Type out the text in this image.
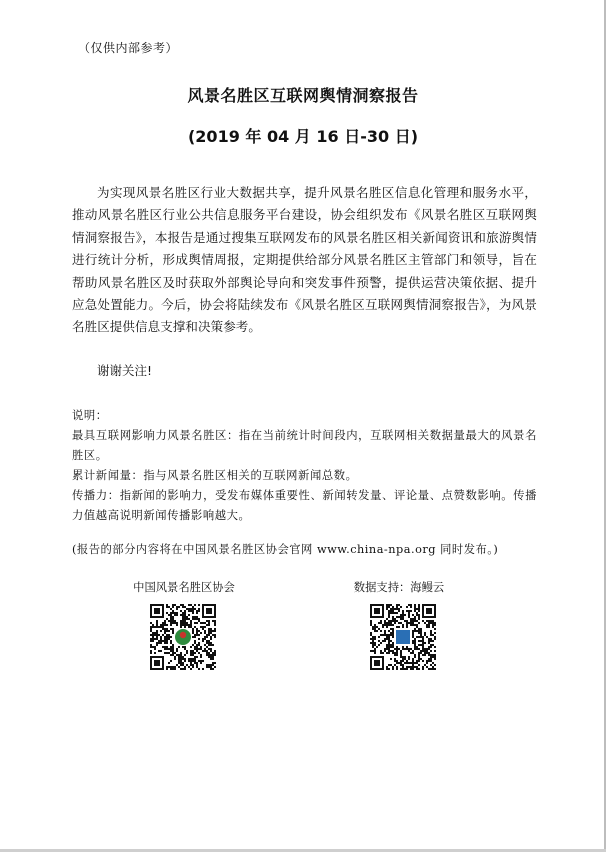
（仅供内部参考）
风景名胜区互联网舆情洞察报告
(2019 年 04 月 16 日-30 日)

为实现风景名胜区行业大数据共享，提升风景名胜区信息化管理和服务水平，推动风景名胜区行业公共信息服务平台建设，协会组织发布《风景名胜区互联网舆情洞察报告》，本报告是通过搜集互联网发布的风景名胜区相关新闻资讯和旅游舆情进行统计分析，形成舆情周报，定期提供给部分风景名胜区主管部门和领导，旨在帮助风景名胜区及时获取外部舆论导向和突发事件预警，提供运营决策依据、提升应急处置能力。今后，协会将陆续发布《风景名胜区互联网舆情洞察报告》，为风景名胜区提供信息支撑和决策参考。

谢谢关注!
说明：
最具互联网影响力风景名胜区：指在当前统计时间段内，互联网相关数据量最大的风景名胜区。
累计新闻量：指与风景名胜区相关的互联网新闻总数。
传播力：指新闻的影响力，受发布媒体重要性、新闻转发量、评论量、点赞数影响。传播力值越高说明新闻传播影响越大。
(报告的部分内容将在中国风景名胜区协会官网 www.china-npa.org 同时发布。)
中国风景名胜区协会	数据支持：海鳗云
